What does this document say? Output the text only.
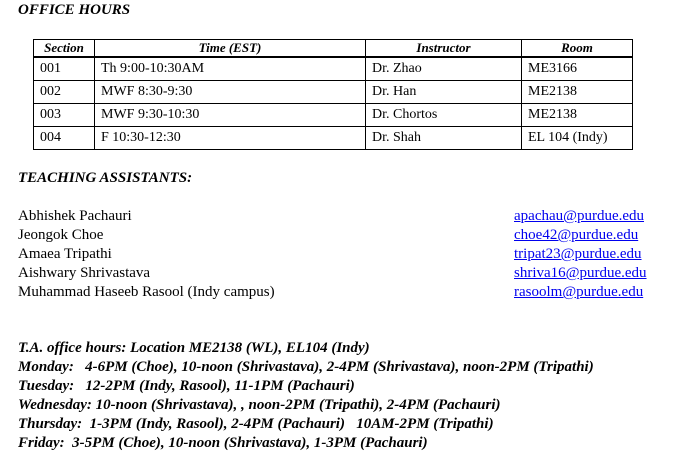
OFFICE HOURS
Section	Time (EST)	Instructor	Room
001	Th 9:00-10:30AM	Dr. Zhao	ME3166
002	MWF 8:30-9:30	Dr. Han	ME2138
003	MWF 9:30-10:30	Dr. Chortos	ME2138
004	F 10:30-12:30	Dr. Shah	EL 104 (Indy)
TEACHING ASSISTANTS:
Abhishek Pachauri	apachau@purdue.edu
Jeongok Choe	choe42@purdue.edu
Amaea Tripathi	tripat23@purdue.edu
Aishwary Shrivastava	shriva16@purdue.edu
Muhammad Haseeb Rasool (Indy campus)	rasoolm@purdue.edu
T.A. office hours: Location ME2138 (WL), EL104 (Indy)
Monday:   4-6PM (Choe), 10-noon (Shrivastava), 2-4PM (Shrivastava), noon-2PM (Tripathi)
Tuesday:   12-2PM (Indy, Rasool), 11-1PM (Pachauri)
Wednesday: 10-noon (Shrivastava), , noon-2PM (Tripathi), 2-4PM (Pachauri)
Thursday:  1-3PM (Indy, Rasool), 2-4PM (Pachauri)   10AM-2PM (Tripathi)
Friday:  3-5PM (Choe), 10-noon (Shrivastava), 1-3PM (Pachauri)
